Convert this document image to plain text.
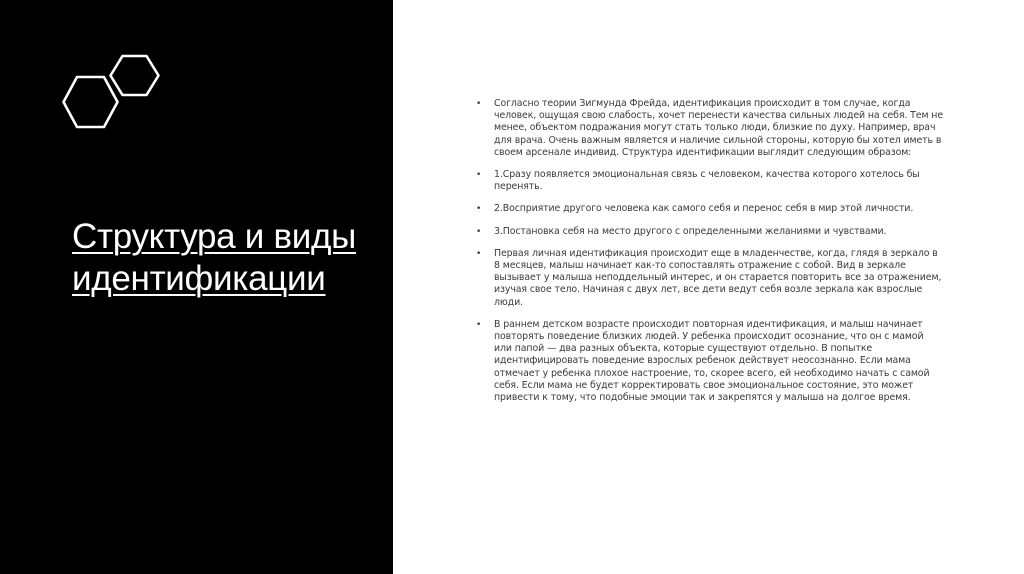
Структура и виды идентификации
• Согласно теории Зигмунда Фрейда, идентификация происходит в том случае, когда человек, ощущая свою слабость, хочет перенести качества сильных людей на себя. Тем не менее, объектом подражания могут стать только люди, близкие по духу. Например, врач для врача. Очень важным является и наличие сильной стороны, которую бы хотел иметь в своем арсенале индивид. Структура идентификации выглядит следующим образом:
• 1.Сразу появляется эмоциональная связь с человеком, качества которого хотелось бы перенять.
• 2.Восприятие другого человека как самого себя и перенос себя в мир этой личности.
• 3.Постановка себя на место другого с определенными желаниями и чувствами.
• Первая личная идентификация происходит еще в младенчестве, когда, глядя в зеркало в 8 месяцев, малыш начинает как-то сопоставлять отражение с собой. Вид в зеркале вызывает у малыша неподдельный интерес, и он старается повторить все за отражением, изучая свое тело. Начиная с двух лет, все дети ведут себя возле зеркала как взрослые люди.
• В раннем детском возрасте происходит повторная идентификация, и малыш начинает повторять поведение близких людей. У ребенка происходит осознание, что он с мамой или папой — два разных объекта, которые существуют отдельно. В попытке идентифицировать поведение взрослых ребенок действует неосознанно. Если мама отмечает у ребенка плохое настроение, то, скорее всего, ей необходимо начать с самой себя. Если мама не будет корректировать свое эмоциональное состояние, это может привести к тому, что подобные эмоции так и закрепятся у малыша на долгое время.
